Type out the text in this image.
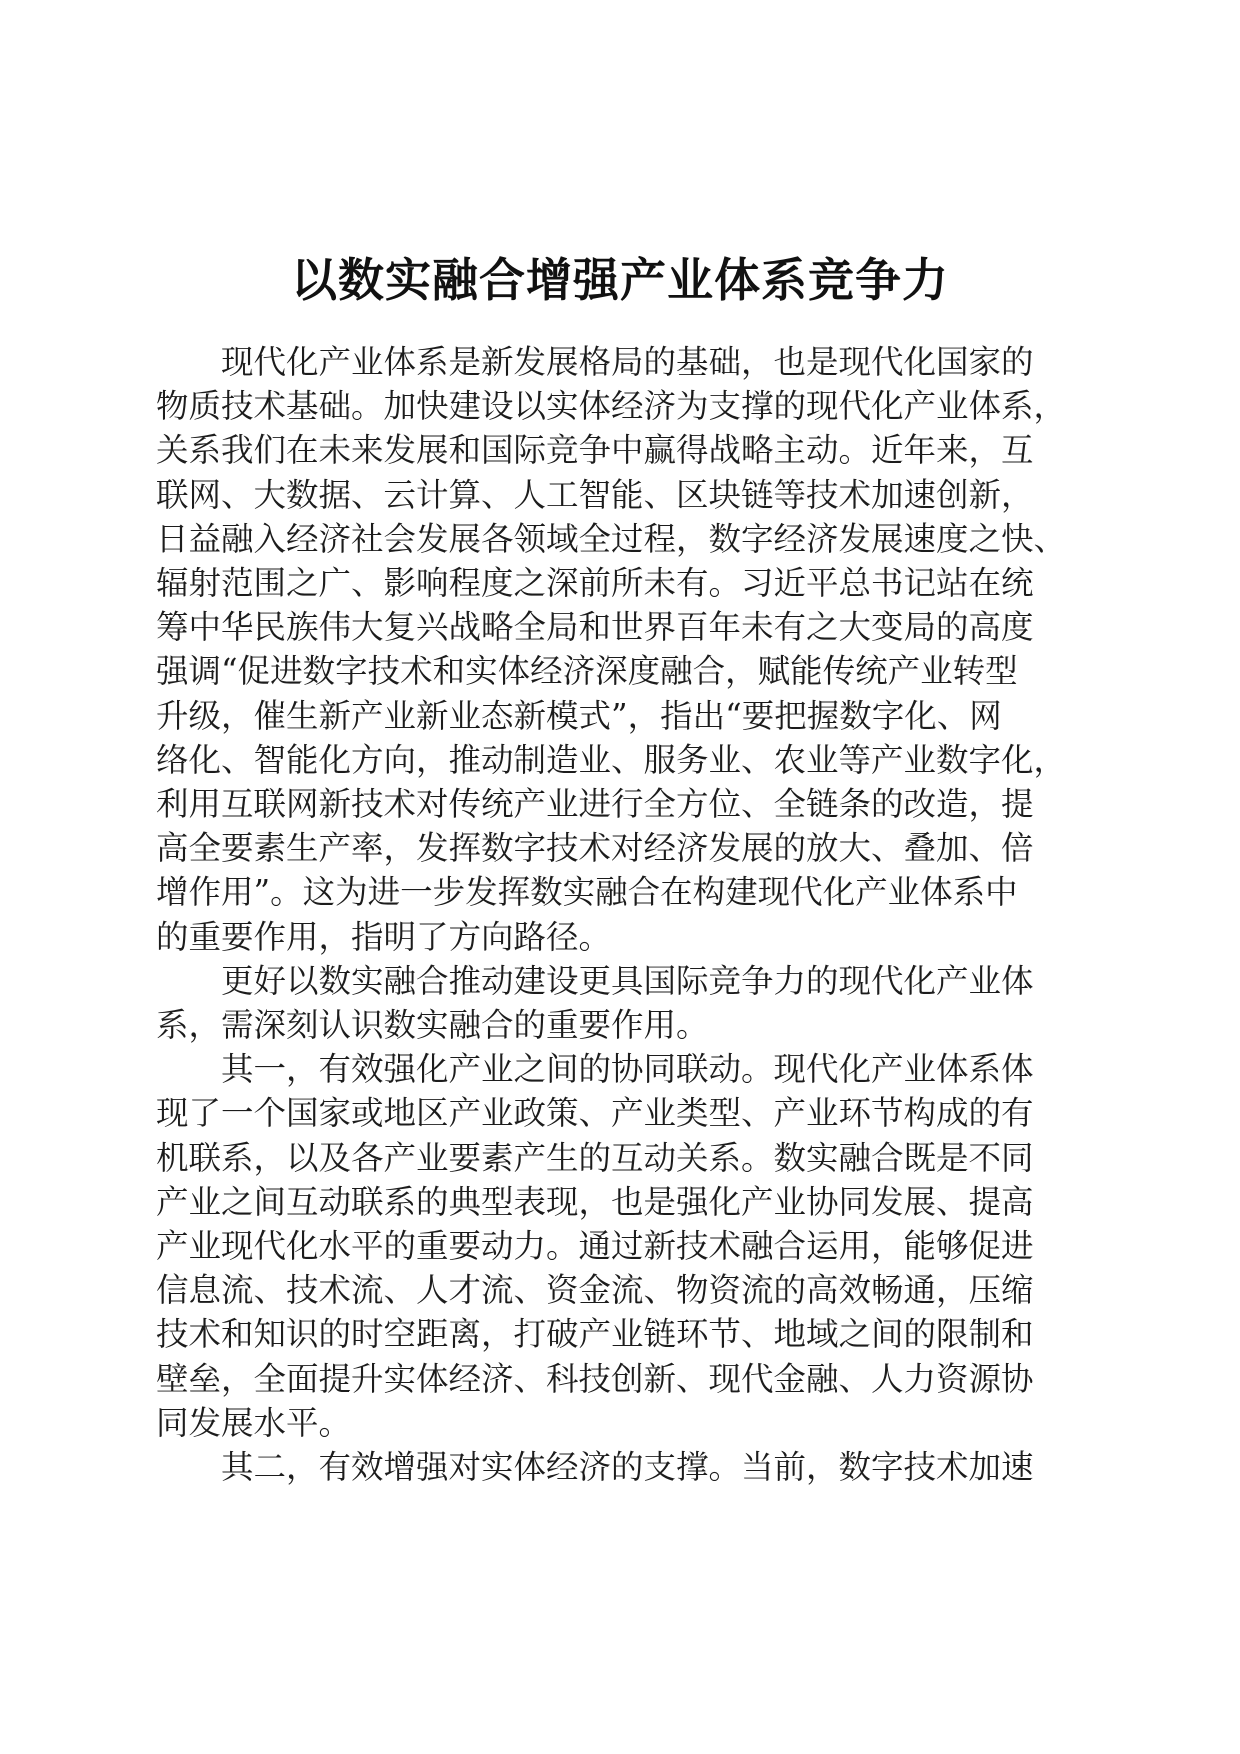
以数实融合增强产业体系竞争力
现代化产业体系是新发展格局的基础，也是现代化国家的
物质技术基础。加快建设以实体经济为支撑的现代化产业体系，
关系我们在未来发展和国际竞争中赢得战略主动。近年来，互
联网、大数据、云计算、人工智能、区块链等技术加速创新，
日益融入经济社会发展各领域全过程，数字经济发展速度之快、
辐射范围之广、影响程度之深前所未有。习近平总书记站在统
筹中华民族伟大复兴战略全局和世界百年未有之大变局的高度
强调“促进数字技术和实体经济深度融合，赋能传统产业转型
升级，催生新产业新业态新模式”，指出“要把握数字化、网
络化、智能化方向，推动制造业、服务业、农业等产业数字化，
利用互联网新技术对传统产业进行全方位、全链条的改造，提
高全要素生产率，发挥数字技术对经济发展的放大、叠加、倍
增作用”。这为进一步发挥数实融合在构建现代化产业体系中
的重要作用，指明了方向路径。
更好以数实融合推动建设更具国际竞争力的现代化产业体
系，需深刻认识数实融合的重要作用。
其一，有效强化产业之间的协同联动。现代化产业体系体
现了一个国家或地区产业政策、产业类型、产业环节构成的有
机联系，以及各产业要素产生的互动关系。数实融合既是不同
产业之间互动联系的典型表现，也是强化产业协同发展、提高
产业现代化水平的重要动力。通过新技术融合运用，能够促进
信息流、技术流、人才流、资金流、物资流的高效畅通，压缩
技术和知识的时空距离，打破产业链环节、地域之间的限制和
壁垒，全面提升实体经济、科技创新、现代金融、人力资源协
同发展水平。
其二，有效增强对实体经济的支撑。当前，数字技术加速
